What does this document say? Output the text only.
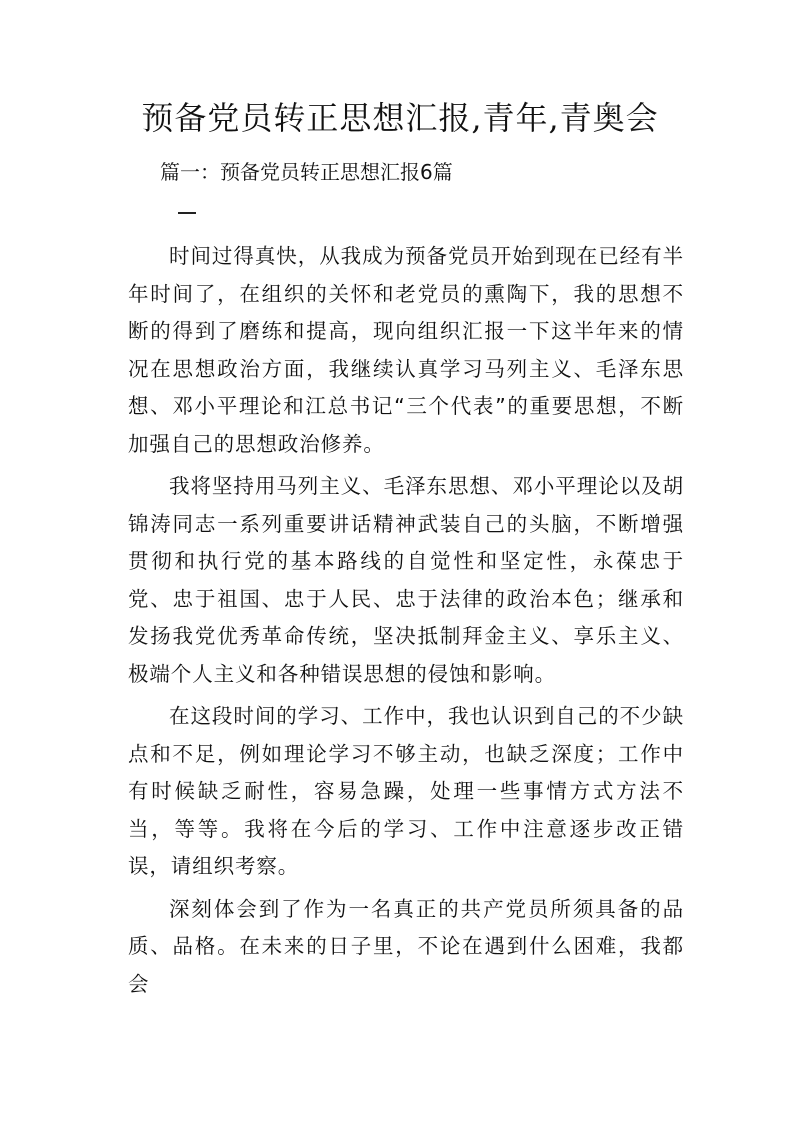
预备党员转正思想汇报,青年,青奥会

篇一：预备党员转正思想汇报6篇

时间过得真快，从我成为预备党员开始到现在已经有半年时间了，在组织的关怀和老党员的熏陶下，我的思想不断的得到了磨练和提高，现向组织汇报一下这半年来的情况在思想政治方面，我继续认真学习马列主义、毛泽东思想、邓小平理论和江总书记“三个代表”的重要思想，不断加强自己的思想政治修养。

我将坚持用马列主义、毛泽东思想、邓小平理论以及胡锦涛同志一系列重要讲话精神武装自己的头脑，不断增强贯彻和执行党的基本路线的自觉性和坚定性，永葆忠于党、忠于祖国、忠于人民、忠于法律的政治本色；继承和发扬我党优秀革命传统，坚决抵制拜金主义、享乐主义、极端个人主义和各种错误思想的侵蚀和影响。

在这段时间的学习、工作中，我也认识到自己的不少缺点和不足，例如理论学习不够主动，也缺乏深度；工作中有时候缺乏耐性，容易急躁，处理一些事情方式方法不当，等等。我将在今后的学习、工作中注意逐步改正错误，请组织考察。

深刻体会到了作为一名真正的共产党员所须具备的品质、品格。在未来的日子里，不论在遇到什么困难，我都会
